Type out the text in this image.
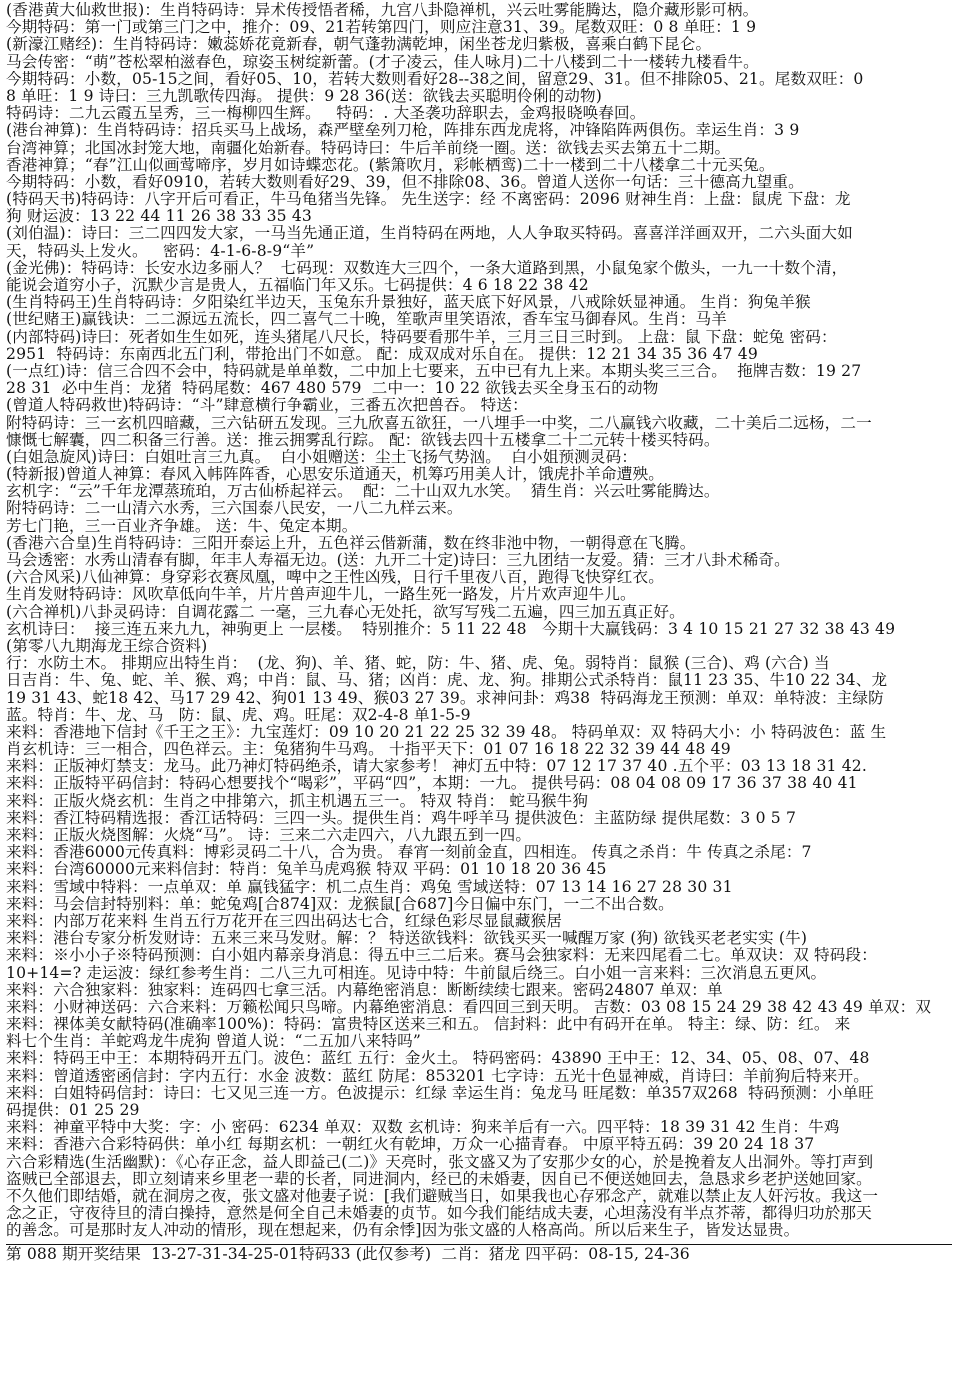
(香港黄大仙救世报)：生肖特码诗：异术传授悟者稀，九宫八卦隐禅机，兴云吐雾能腾达，隐介藏形影可柄。
今期特码：第一门或第三门之中，推介：09、21若转第四门，则应注意31、39。尾数双旺：0 8 单旺：1 9
(新濠江赌经)：生肖特码诗：嫩蕊娇花竟新春，朝气蓬勃满乾坤，闲坐苍龙归紫极，喜乘白鹤下昆仑。
马会传密：“萌”苍松翠柏滋春色，琼姿玉树绽新蕾。(才子凌云，佳人咏月)二十八楼到二十一楼转九楼看牛。
今期特码：小数，05-15之间，看好05、10，若转大数则看好28--38之间，留意29、31。但不排除05、21。尾数双旺：0
8 单旺：1 9 诗曰：三九凯歌传四海。 提供：9 28 36(送：欲钱去买聪明伶俐的动物)
特码诗：二九云霞五呈秀，三一梅柳四生辉。   特码：. 大圣袭功辞职去，金鸡报晓唤春回。
(港台神算)：生肖特码诗：招兵买马上战场，森严壁垒列刀枪，阵排东西龙虎将，冲锋陷阵两俱伤。幸运生肖：3 9
台湾神算；北国冰封笼大地，南疆化始新春。特码诗曰：牛后羊前绕一圈。送：欲钱去买去第五十二期。
香港神算；“春”江山似画莺啼序，岁月如诗蝶恋花。(紫箫吹月，彩帐栖鸾)二十一楼到二十八楼拿二十元买兔。
今期特码：小数，看好0910，若转大数则看好29、39，但不排除08、36。曾道人送你一句话：三十德高九望重。
(特码天书)特码诗：八字开后可看正，牛马龟猪当先锋。 先生送字：经 不离密码：2096 财神生肖：上盘：鼠虎 下盘：龙
狗 财运波：13 22 44 11 26 38 33 35 43
(刘伯温)：诗曰：三二四四发大家，一马当先通正道，生肖特码在两地，人人争取买特码。喜喜洋洋画双开，二六头面大如
天，特码头上发火。   密码：4-1-6-8-9“羊”
(金光佛)：特码诗：长安水边多丽人？  七码现：双数连大三四个，一条大道路到黑，小鼠兔家个傲头，一九一十数个清，
能说会道穷小子，沉默少言是贵人，五福临门年又乐。七码提供：4 6 18 22 38 42
(生肖特码王)生肖特码诗：夕阳染红半边天，玉兔东升景独好，蓝天底下好风景，八戒除妖显神通。 生肖：狗兔羊猴
(世纪赌王)赢钱诀：二二源远五流长，四二喜气二十晚，笙歌声里笑语浓，香车宝马御春风。生肖：马羊
(内部特码)诗曰：死者如生生如死，连头猪尾八尺长，特码要看那牛羊，三月三日三时到。 上盘：鼠 下盘：蛇兔 密码：
2951  特码诗：东南西北五门利，带抢出门不如意。 配：成双成对乐自在。 提供：12 21 34 35 36 47 49
(一点红)诗：信三合四不会中，特码就是单单数，二中加上七要来，五中已有九上来。本期头奖三三合。  拖牌吉数：19 27
28 31  必中生肖：龙猪  特码尾数：467 480 579  二中一：10 22 欲钱去买全身玉石的动物
(曾道人特码救世)特码诗：“斗”肆意横行争霸业，三番五次把兽吞。 特送：
附特码诗：三一玄机四暗藏，三六钻研五发现。三九欣喜五欲狂，一八埋手一中奖，二八赢钱六收藏，二十美后二远杨，二一
慷慨七解囊，四二积备三行善。送：推云拥雾乱行踪。 配：欲钱去四十五楼拿二十二元转十楼买特码。
(白姐急旋风)诗曰：白姐吐言三九真。  白小姐赠送：尘土飞扬气势汹。  白小姐预测灵码：
(特新报)曾道人神算：春风入帏阵阵香，心思安乐道通天，机筹巧用美人计，饿虎扑羊命遭殃。
玄机字：“云”千年龙潭蒸琉珀，万古仙桥起祥云。  配：二十山双九水笑。  猜生肖：兴云吐雾能腾达。
附特码诗：二一山清六水秀，三六国泰八民安，一八二九样云来。
芳七门艳，三一百业齐争雄。 送：牛、兔定本期。
(香港六合皇)生肖特码诗：三阳开泰运上升，五色祥云偕新蒲，数在终非池中物，一朝得意在飞腾。
马会透密：水秀山清春有脚，年丰人寿福无边。(送：九开二十定)诗曰：三九团结一友爱。猜：三才八卦术稀奇。
(六合风采)八仙神算：身穿彩衣赛凤凰，啤中之王性凶残，日行千里夜八百，跑得飞快穿红衣。
生肖发财特码诗：风吹草低向牛羊，片片兽声迎牛儿，一路生死一路发，片片欢声迎牛儿。
(六合禅机)八卦灵码诗：自调花露二 一毫，三九春心无处托，欲写写残二五遍，四三加五真正好。
玄机诗曰：  接三连五来九九，神驹更上 一层楼。  特别推介：5 11 22 48   今期十大赢钱码：3 4 10 15 21 27 32 38 43 49
(第零八九期海龙王综合资料)
行：水防土木。 排期应出特生肖：  (龙、狗)、羊、猪、蛇，防：牛、猪、虎、兔。弱特肖：鼠猴 (三合)、鸡 (六合) 当
日吉肖：牛、兔、蛇、羊、猴、鸡；中肖：鼠、马、猪；凶肖：虎、龙、狗。排期公式杀特肖：鼠11 23 35、牛10 22 34、龙
19 31 43、蛇18 42、马17 29 42、狗01 13 49、猴03 27 39。求神问卦：鸡38  特码海龙王预测：单双：单特波：主绿防
蓝。特肖：牛、龙、马   防：鼠、虎、鸡。旺尾：双2-4-8 单1-5-9
来料：香港地下信封《千王之王》：九宝莲灯：09 10 20 21 22 25 32 39 48。 特码单双：双 特码大小：小 特码波色：蓝 生
肖玄机诗：三一相合，四色祥云。主：兔猪狗牛马鸡。 十指平天下：01 07 16 18 22 32 39 44 48 49
来料：正版神灯禁支：龙马。此乃神灯特码绝杀，请大家参考！ 神灯五中特：07 12 17 37 40 .五个平：03 13 18 31 42.
来料：正版特平码信封：特码心想要找个“喝彩”，平码“四”，本期：一九。 提供号码：08 04 08 09 17 36 37 38 40 41
来料：正版火烧玄机：生肖之中排第六，抓主机遇五三一。 特双 特肖： 蛇马猴牛狗
来料：香江特码精选报：香江话特码：三四一头。提供生肖：鸡牛呼羊马 提供波色：主蓝防绿 提供尾数：3 0 5 7
来料：正版火烧图解：火烧“马”。 诗：三来二六走四六，八九跟五到一四。
来料：香港6000元传真料：博彩灵码二十八，合为贵。 春宵一刻前金直，四相连。 传真之杀肖：牛 传真之杀尾：7
来料：台湾60000元来料信封：特肖：兔羊马虎鸡猴 特双 平码：01 10 18 20 36 45
来料：雪域中特料：一点单双：单 赢钱猛字：机二点生肖：鸡兔 雪域送特：07 13 14 16 27 28 30 31
来料：马会信封特别料：单：蛇兔鸡[合874]双：龙猴鼠[合687]今日偏中东门，一二不出合数。
来料：内部万花来料 生肖五行万花开在三四出码达七合，红绿色彩尽显鼠藏猴居
来料：港台专家分析发财诗：五来三来马发财。解：？ 特送欲钱料：欲钱买买一喊醒万家 (狗) 欲钱买老老实实 (牛)
来料：※小小子※特码预测：白小姐内幕亲身消息：得五中三二后来。赛马会独家料：无来四尾看二七。单双诀：双 特码段：
10+14=? 走运波：绿红参考生肖：二八三九可相连。见诗中特：牛前鼠后绕三。白小姐一言来料：三次消息五更风。
来料：六合独家料：独家料：连码四七拿三活。内幕绝密消息：断断续续七跟来。密码24807 单双：单
来料：小财神送码：六合来料：万籁松闻只鸟啼。内幕绝密消息：看四回三到天明。 吉数：03 08 15 24 29 38 42 43 49 单双：双
来料：裸体美女献特码(准确率100%)：特码：富贵特区送来三和五。 信封料：此中有码开在单。 特主：绿、防：红。 来
料七个生肖：羊蛇鸡龙牛虎狗 曾道人说：“二五加八来特吗”
来料：特码王中王：本期特码开五门。波色：蓝红 五行：金火土。 特码密码：43890 王中王：12、34、05、08、07、48
来料：曾道透密函信封：字内五行：水金 波数：蓝红 防尾：853201 七字诗：五光十色显神威，肖诗曰：羊前狗后特来开。
来料：白姐特码信封：诗曰：七又见三连一方。色波提示：红绿 幸运生肖：兔龙马 旺尾数：单357双268  特码预测：小单旺
码提供：01 25 29
来料：神童平特中大奖：字：小 密码：6234 单双：双数 玄机诗：狗来羊后有一六。四平特：18 39 31 42 生肖：牛鸡
来料：香港六合彩特码供：单小红 每期玄机：一朝红火有乾坤，万众一心描青春。 中原平特五码：39 20 24 18 37
六合彩精选(生活幽默)：《心存正念，益人即益己(二)》天亮时，张文盛又为了安那少女的心，於是挽着友人出洞外。等打声到
盗贼已全部退去，即立刻请来乡里老一辈的长者，同进洞内，经已的未婚妻，因自已不便送她回去，急恳求乡老护送她回家。
不久他们即结婚，就在洞房之夜，张文盛对他妻子说：[我们避贼当日，如果我也心存邪念产，就难以禁止友人奸污妆。我这一
念之正，守夜待旦的清白操持，意然是何全自己未婚妻的贞节。如今我们能结成夫妻，心坦荡没有半点芥蒂，都得归功於那天
的善念。可是那时友人冲动的情形，现在想起来，仍有余悸]因为张文盛的人格高尚。所以后来生子，皆发达显贵。
第 088 期开奖结果  13-27-31-34-25-01特码33 (此仅参考)  二肖：猪龙 四平码：08-15, 24-36
